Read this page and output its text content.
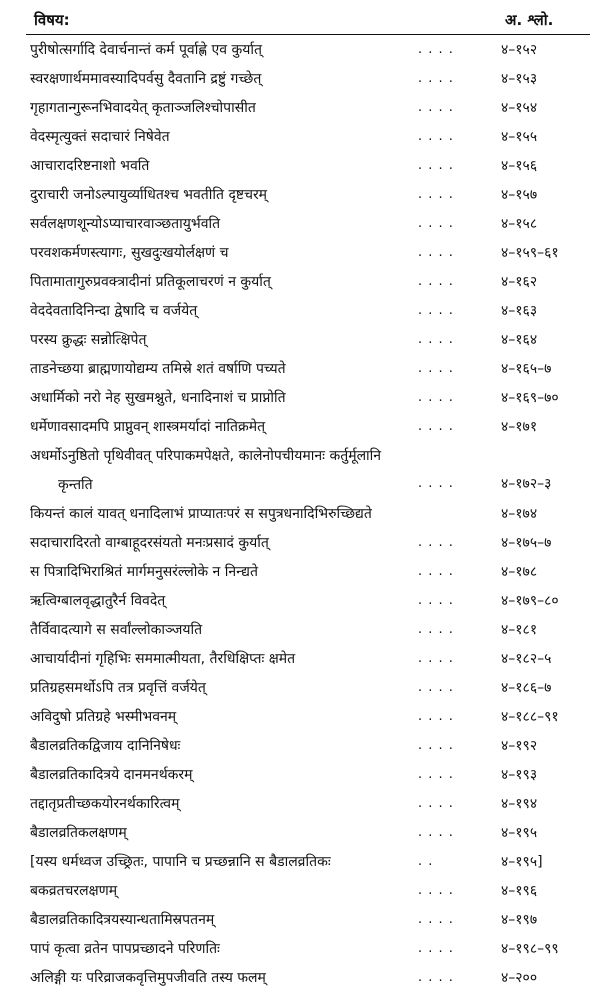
विषय:	अ. श्लो.
पुरीषोत्सर्गादि देवार्चनान्तं कर्म पूर्वाह्णे एव कुर्यात्	. . . .	४–१५२
स्वरक्षणार्थममावस्यादिपर्वसु दैवतानि द्रष्टुं गच्छेत्	. . . .	४–१५३
गृहागतान्गुरूनभिवादयेत् कृताञ्जलिश्चोपासीत	. . . .	४–१५४
वेदस्मृत्युक्तं सदाचारं निषेवेत	. . . .	४–१५५
आचारादरिष्टनाशो भवति	. . . .	४–१५६
दुराचारी जनोऽल्पायुर्व्याधितश्च भवतीति दृष्टचरम्	. . . .	४–१५७
सर्वलक्षणशून्योऽप्याचारवाञ्छतायुर्भवति	. . . .	४–१५८
परवशकर्मणस्त्यागः, सुखदुःखयोर्लक्षणं च	. . . .	४–१५९–६१
पितामातागुरुप्रवक्त्रादीनां प्रतिकूलाचरणं न कुर्यात्	. . . .	४–१६२
वेददेवतादिनिन्दा द्वेषादि च वर्जयेत्	. . . .	४–१६३
परस्य क्रुद्धः सन्नोत्क्षिपेत्	. . . .	४–१६४
ताडनेच्छया ब्राह्मणायोद्यम्य तमिस्रे शतं वर्षाणि पच्यते	. . . .	४–१६५–७
अधार्मिको नरो नेह सुखमश्नुते, धनादिनाशं च प्राप्नोति	. . . .	४–१६९–७०
धर्मेणावसादमपि प्राप्नुवन् शास्त्रमर्यादां नातिक्रमेत्	. . . .	४–१७१
अधर्मोऽनुष्ठितो पृथिवीवत् परिपाकमपेक्षते, कालेनोपचीयमानः कर्तुर्मूलानि
कृन्तति	. . . .	४–१७२–३
कियन्तं कालं यावत् धनादिलाभं प्राप्यातःपरं स सपुत्रधनादिभिरुच्छिद्यते	४–१७४
सदाचारादिरतो वाग्बाहूदरसंयतो मनःप्रसादं कुर्यात्	. . . .	४–१७५–७
स पित्रादिभिराश्रितं मार्गमनुसरंल्लोके न निन्द्यते	. . . .	४–१७८
ऋत्विग्बालवृद्धातुरैर्न विवदेत्	. . . .	४–१७९–८०
तैर्विवादत्यागे स सर्वांल्लोकाञ्जयति	. . . .	४–१८१
आचार्यादीनां गृहिभिः सममात्मीयता, तैरधिक्षिप्तः क्षमेत	. . . .	४–१८२–५
प्रतिग्रहसमर्थोऽपि तत्र प्रवृत्तिं वर्जयेत्	. . . .	४–१८६–७
अविदुषो प्रतिग्रहे भस्मीभवनम्	. . . .	४–१८८–९१
बैडालव्रतिकद्विजाय दानिनिषेधः	. . . .	४–१९२
बैडालव्रतिकादित्रये दानमनर्थकरम्	. . . .	४–१९३
तद्दातृप्रतीच्छकयोरनर्थकारित्वम्	. . . .	४–१९४
बैडालव्रतिकलक्षणम्	. . . .	४–१९५
[यस्य धर्मध्वज उच्छ्रितः, पापानि च प्रच्छन्नानि स बैडालव्रतिकः	. .	४–१९५]
बकव्रतचरलक्षणम्	. . . .	४–१९६
बैडालव्रतिकादित्रयस्यान्धतामिस्रपतनम्	. . . .	४–१९७
पापं कृत्वा व्रतेन पापप्रच्छादने परिणतिः	. . . .	४–१९८–९९
अलिङ्गी यः परिव्राजकवृत्तिमुपजीवति तस्य फलम्	. . . .	४–२००
